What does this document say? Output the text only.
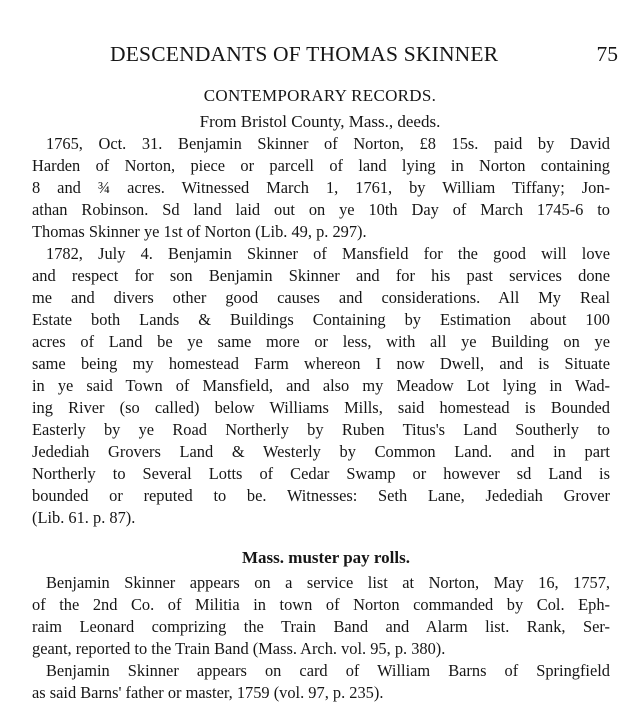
DESCENDANTS OF THOMAS SKINNER	75
CONTEMPORARY RECORDS.
From Bristol County, Mass., deeds.
1765, Oct. 31. Benjamin Skinner of Norton, £8 15s. paid by David
Harden of Norton, piece or parcell of land lying in Norton containing
8 and ¾ acres. Witnessed March 1, 1761, by William Tiffany; Jon-
athan Robinson. Sd land laid out on ye 10th Day of March 1745-6 to
Thomas Skinner ye 1st of Norton (Lib. 49, p. 297).
1782, July 4. Benjamin Skinner of Mansfield for the good will love
and respect for son Benjamin Skinner and for his past services done
me and divers other good causes and considerations. All My Real
Estate both Lands & Buildings Containing by Estimation about 100
acres of Land be ye same more or less, with all ye Building on ye
same being my homestead Farm whereon I now Dwell, and is Situate
in ye said Town of Mansfield, and also my Meadow Lot lying in Wad-
ing River (so called) below Williams Mills, said homestead is Bounded
Easterly by ye Road Northerly by Ruben Titus's Land Southerly to
Jedediah Grovers Land & Westerly by Common Land. and in part
Northerly to Several Lotts of Cedar Swamp or however sd Land is
bounded or reputed to be. Witnesses: Seth Lane, Jedediah Grover
(Lib. 61. p. 87).
Mass. muster pay rolls.
Benjamin Skinner appears on a service list at Norton, May 16, 1757,
of the 2nd Co. of Militia in town of Norton commanded by Col. Eph-
raim Leonard comprizing the Train Band and Alarm list. Rank, Ser-
geant, reported to the Train Band (Mass. Arch. vol. 95, p. 380).
Benjamin Skinner appears on card of William Barns of Springfield
as said Barns' father or master, 1759 (vol. 97, p. 235).
